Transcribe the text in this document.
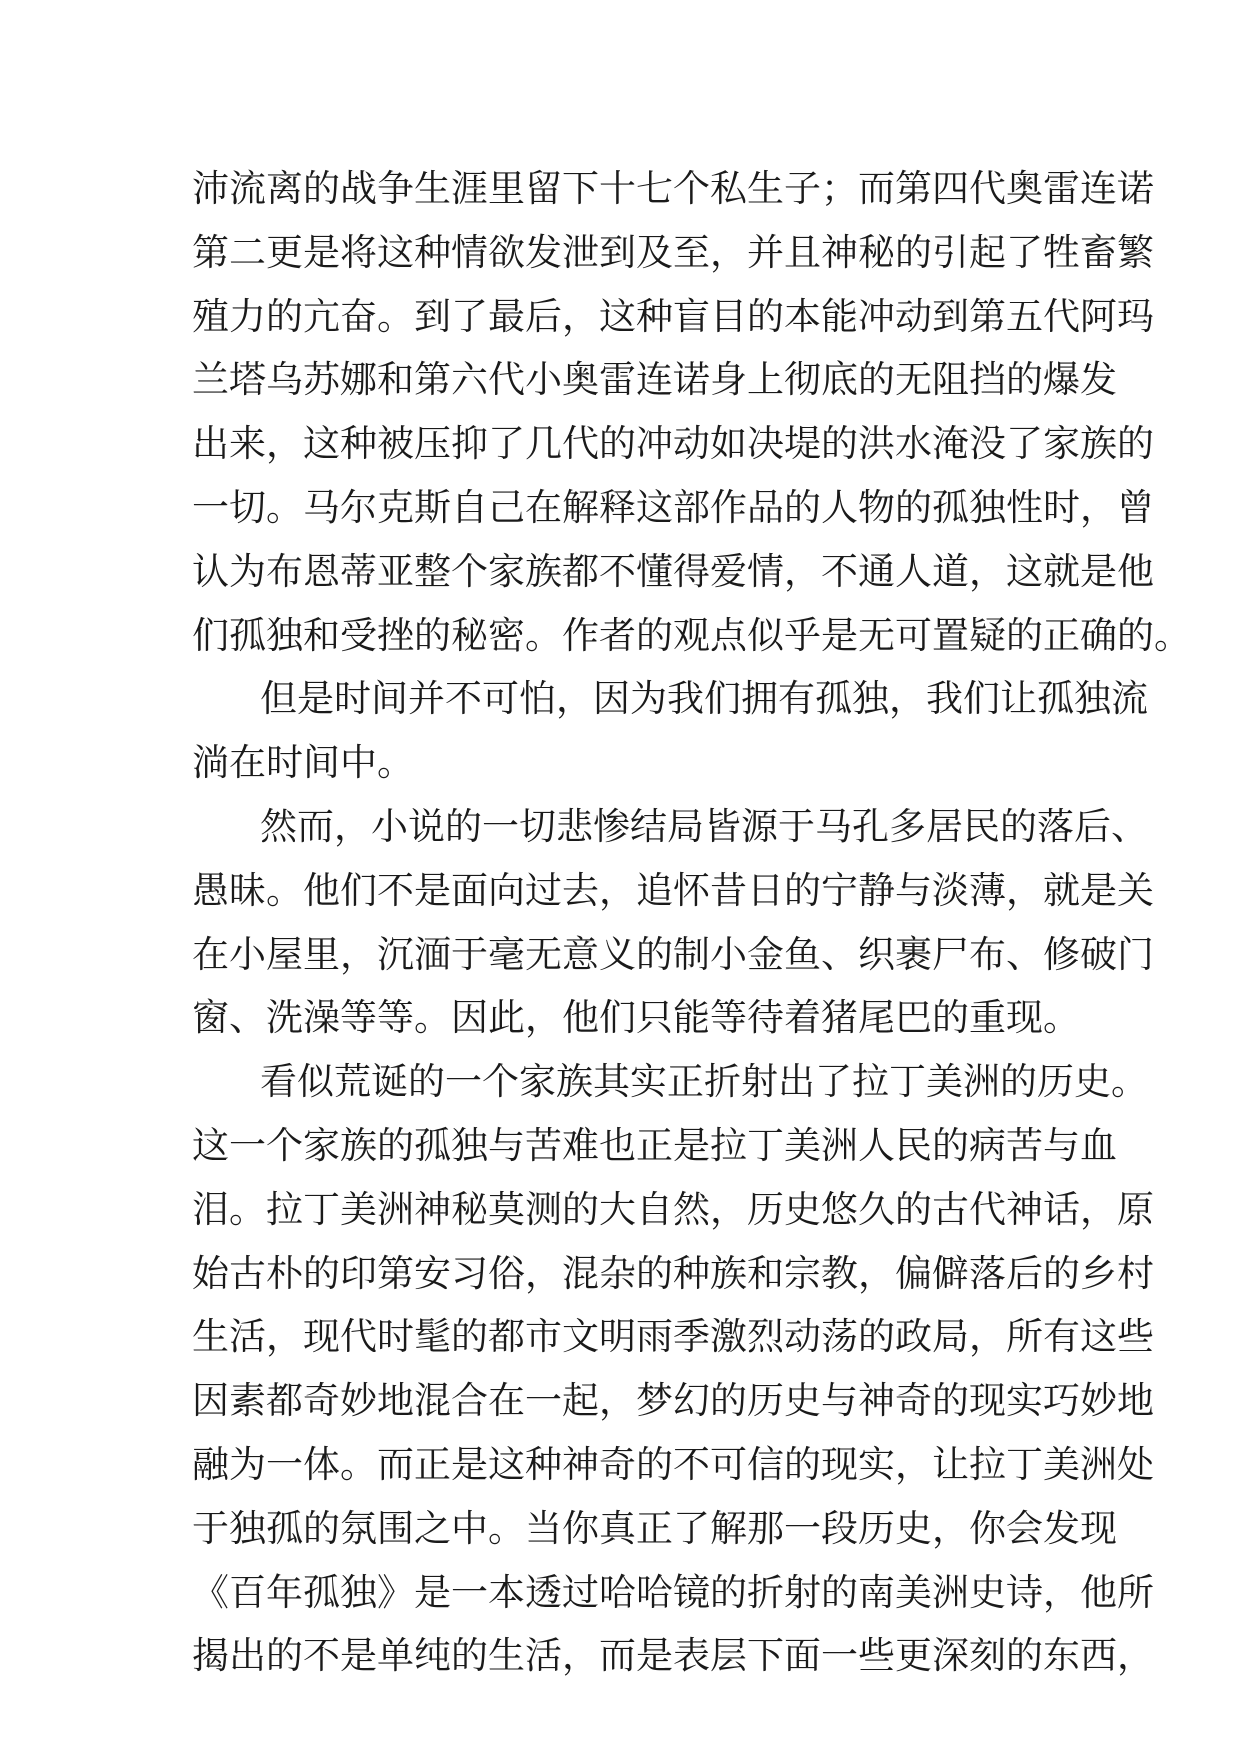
沛流离的战争生涯里留下十七个私生子；而第四代奥雷连诺
第二更是将这种情欲发泄到及至，并且神秘的引起了牲畜繁
殖力的亢奋。到了最后，这种盲目的本能冲动到第五代阿玛
兰塔乌苏娜和第六代小奥雷连诺身上彻底的无阻挡的爆发
出来，这种被压抑了几代的冲动如决堤的洪水淹没了家族的
一切。马尔克斯自己在解释这部作品的人物的孤独性时，曾
认为布恩蒂亚整个家族都不懂得爱情，不通人道，这就是他
们孤独和受挫的秘密。作者的观点似乎是无可置疑的正确的。
但是时间并不可怕，因为我们拥有孤独，我们让孤独流
淌在时间中。
然而，小说的一切悲惨结局皆源于马孔多居民的落后、
愚昧。他们不是面向过去，追怀昔日的宁静与淡薄，就是关
在小屋里，沉湎于毫无意义的制小金鱼、织裹尸布、修破门
窗、洗澡等等。因此，他们只能等待着猪尾巴的重现。
看似荒诞的一个家族其实正折射出了拉丁美洲的历史。
这一个家族的孤独与苦难也正是拉丁美洲人民的病苦与血
泪。拉丁美洲神秘莫测的大自然，历史悠久的古代神话，原
始古朴的印第安习俗，混杂的种族和宗教，偏僻落后的乡村
生活，现代时髦的都市文明雨季激烈动荡的政局，所有这些
因素都奇妙地混合在一起，梦幻的历史与神奇的现实巧妙地
融为一体。而正是这种神奇的不可信的现实，让拉丁美洲处
于独孤的氛围之中。当你真正了解那一段历史，你会发现
《百年孤独》是一本透过哈哈镜的折射的南美洲史诗，他所
揭出的不是单纯的生活，而是表层下面一些更深刻的东西，
